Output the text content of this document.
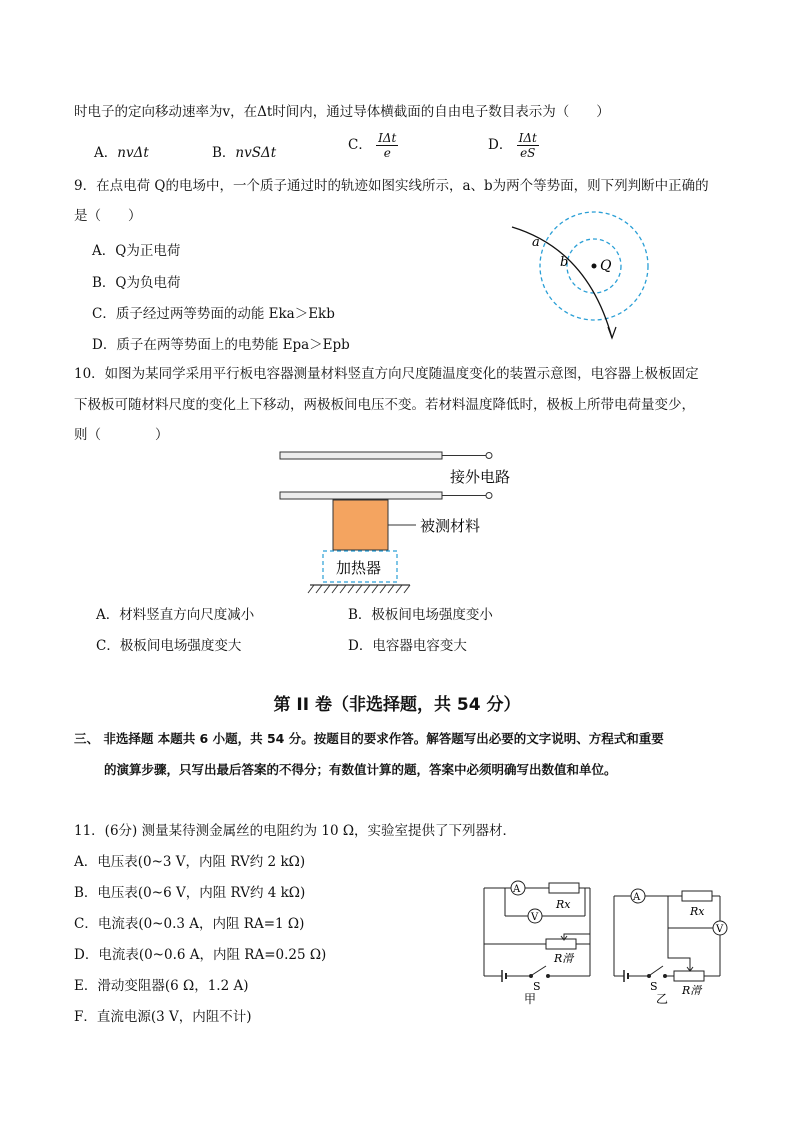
时电子的定向移动速率为v，在Δt时间内，通过导体横截面的自由电子数目表示为（　　）
A．nvΔt	B．nvSΔt	C． $\frac{\text{IΔt}}{e}$	D． $\frac{\text{IΔt}}{eS}$
9．在点电荷 Q的电场中，一个质子通过时的轨迹如图实线所示，a、b为两个等势面，则下列判断中正确的
是（　　）
A．Q为正电荷
B．Q为负电荷
C．质子经过两等势面的动能 Eka＞Ekb
D．质子在两等势面上的电势能 Epa＞Epb
a
b Q
10．如图为某同学采用平行板电容器测量材料竖直方向尺度随温度变化的装置示意图，电容器上极板固定
下极板可随材料尺度的变化上下移动，两极板间电压不变。若材料温度降低时，极板上所带电荷量变少，
则（　　　　）
接外电路
被测材料
加热器
A．材料竖直方向尺度减小	B．极板间电场强度变小
C．极板间电场强度变大	D．电容器电容变大
第 II 卷（非选择题，共 54 分）
三、 非选择题 本题共 6 小题，共 54 分。按题目的要求作答。解答题写出必要的文字说明、方程式和重要
的演算步骤，只写出最后答案的不得分；有数值计算的题，答案中必须明确写出数值和单位。
11．(6分) 测量某待测金属丝的电阻约为 10 Ω，实验室提供了下列器材．
A．电压表(0~3 V，内阻 RV约 2 kΩ)
B．电压表(0~6 V，内阻 RV约 4 kΩ)
C．电流表(0~0.3 A，内阻 RA=1 Ω)
D．电流表(0~0.6 A，内阻 RA=0.25 Ω)
E．滑动变阻器(6 Ω，1.2 A)
F．直流电源(3 V，内阻不计)
A
V
Rx
R滑
S
甲
A
V
Rx
R滑
S
乙
